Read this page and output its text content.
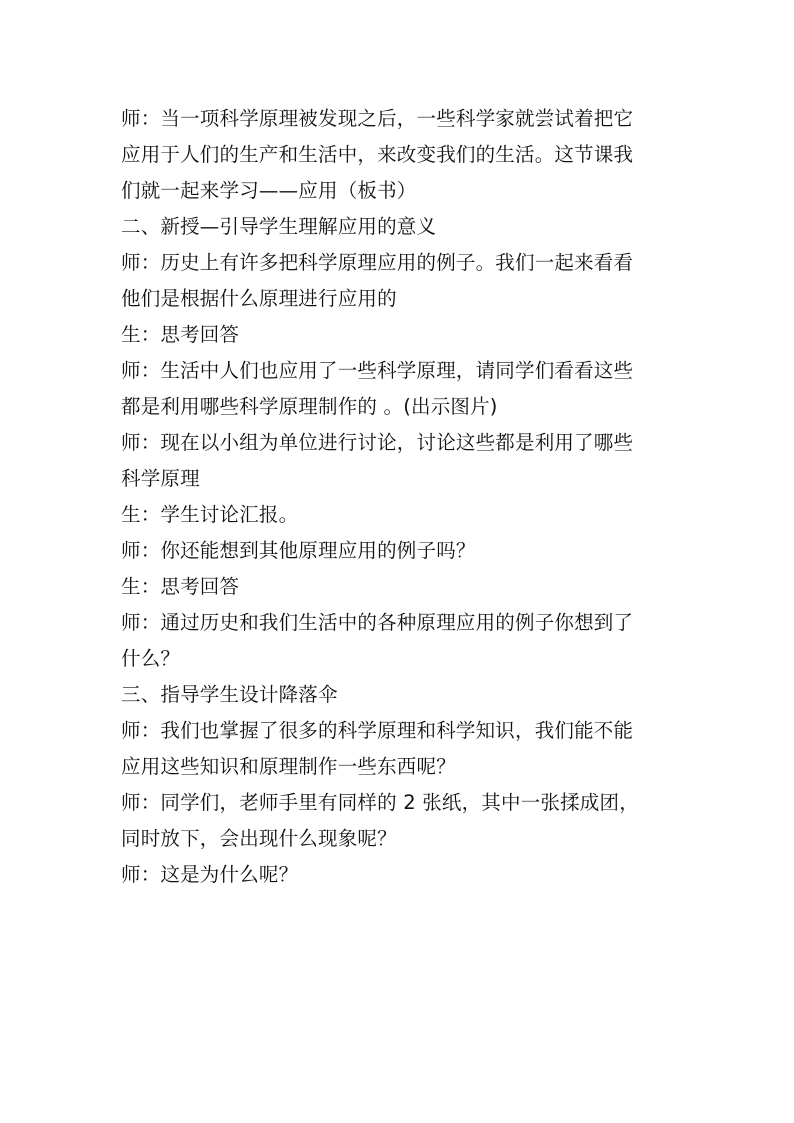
师：当一项科学原理被发现之后，一些科学家就尝试着把它
应用于人们的生产和生活中，来改变我们的生活。这节课我
们就一起来学习——应用（板书）
二、新授—引导学生理解应用的意义
师：历史上有许多把科学原理应用的例子。我们一起来看看
他们是根据什么原理进行应用的
生：思考回答
师：生活中人们也应用了一些科学原理，请同学们看看这些
都是利用哪些科学原理制作的 。(出示图片)
师：现在以小组为单位进行讨论，讨论这些都是利用了哪些
科学原理
生：学生讨论汇报。
师：你还能想到其他原理应用的例子吗？
生：思考回答
师：通过历史和我们生活中的各种原理应用的例子你想到了
什么？
三、指导学生设计降落伞
师：我们也掌握了很多的科学原理和科学知识，我们能不能
应用这些知识和原理制作一些东西呢？
师：同学们，老师手里有同样的 2 张纸，其中一张揉成团，
同时放下，会出现什么现象呢？
师：这是为什么呢？
